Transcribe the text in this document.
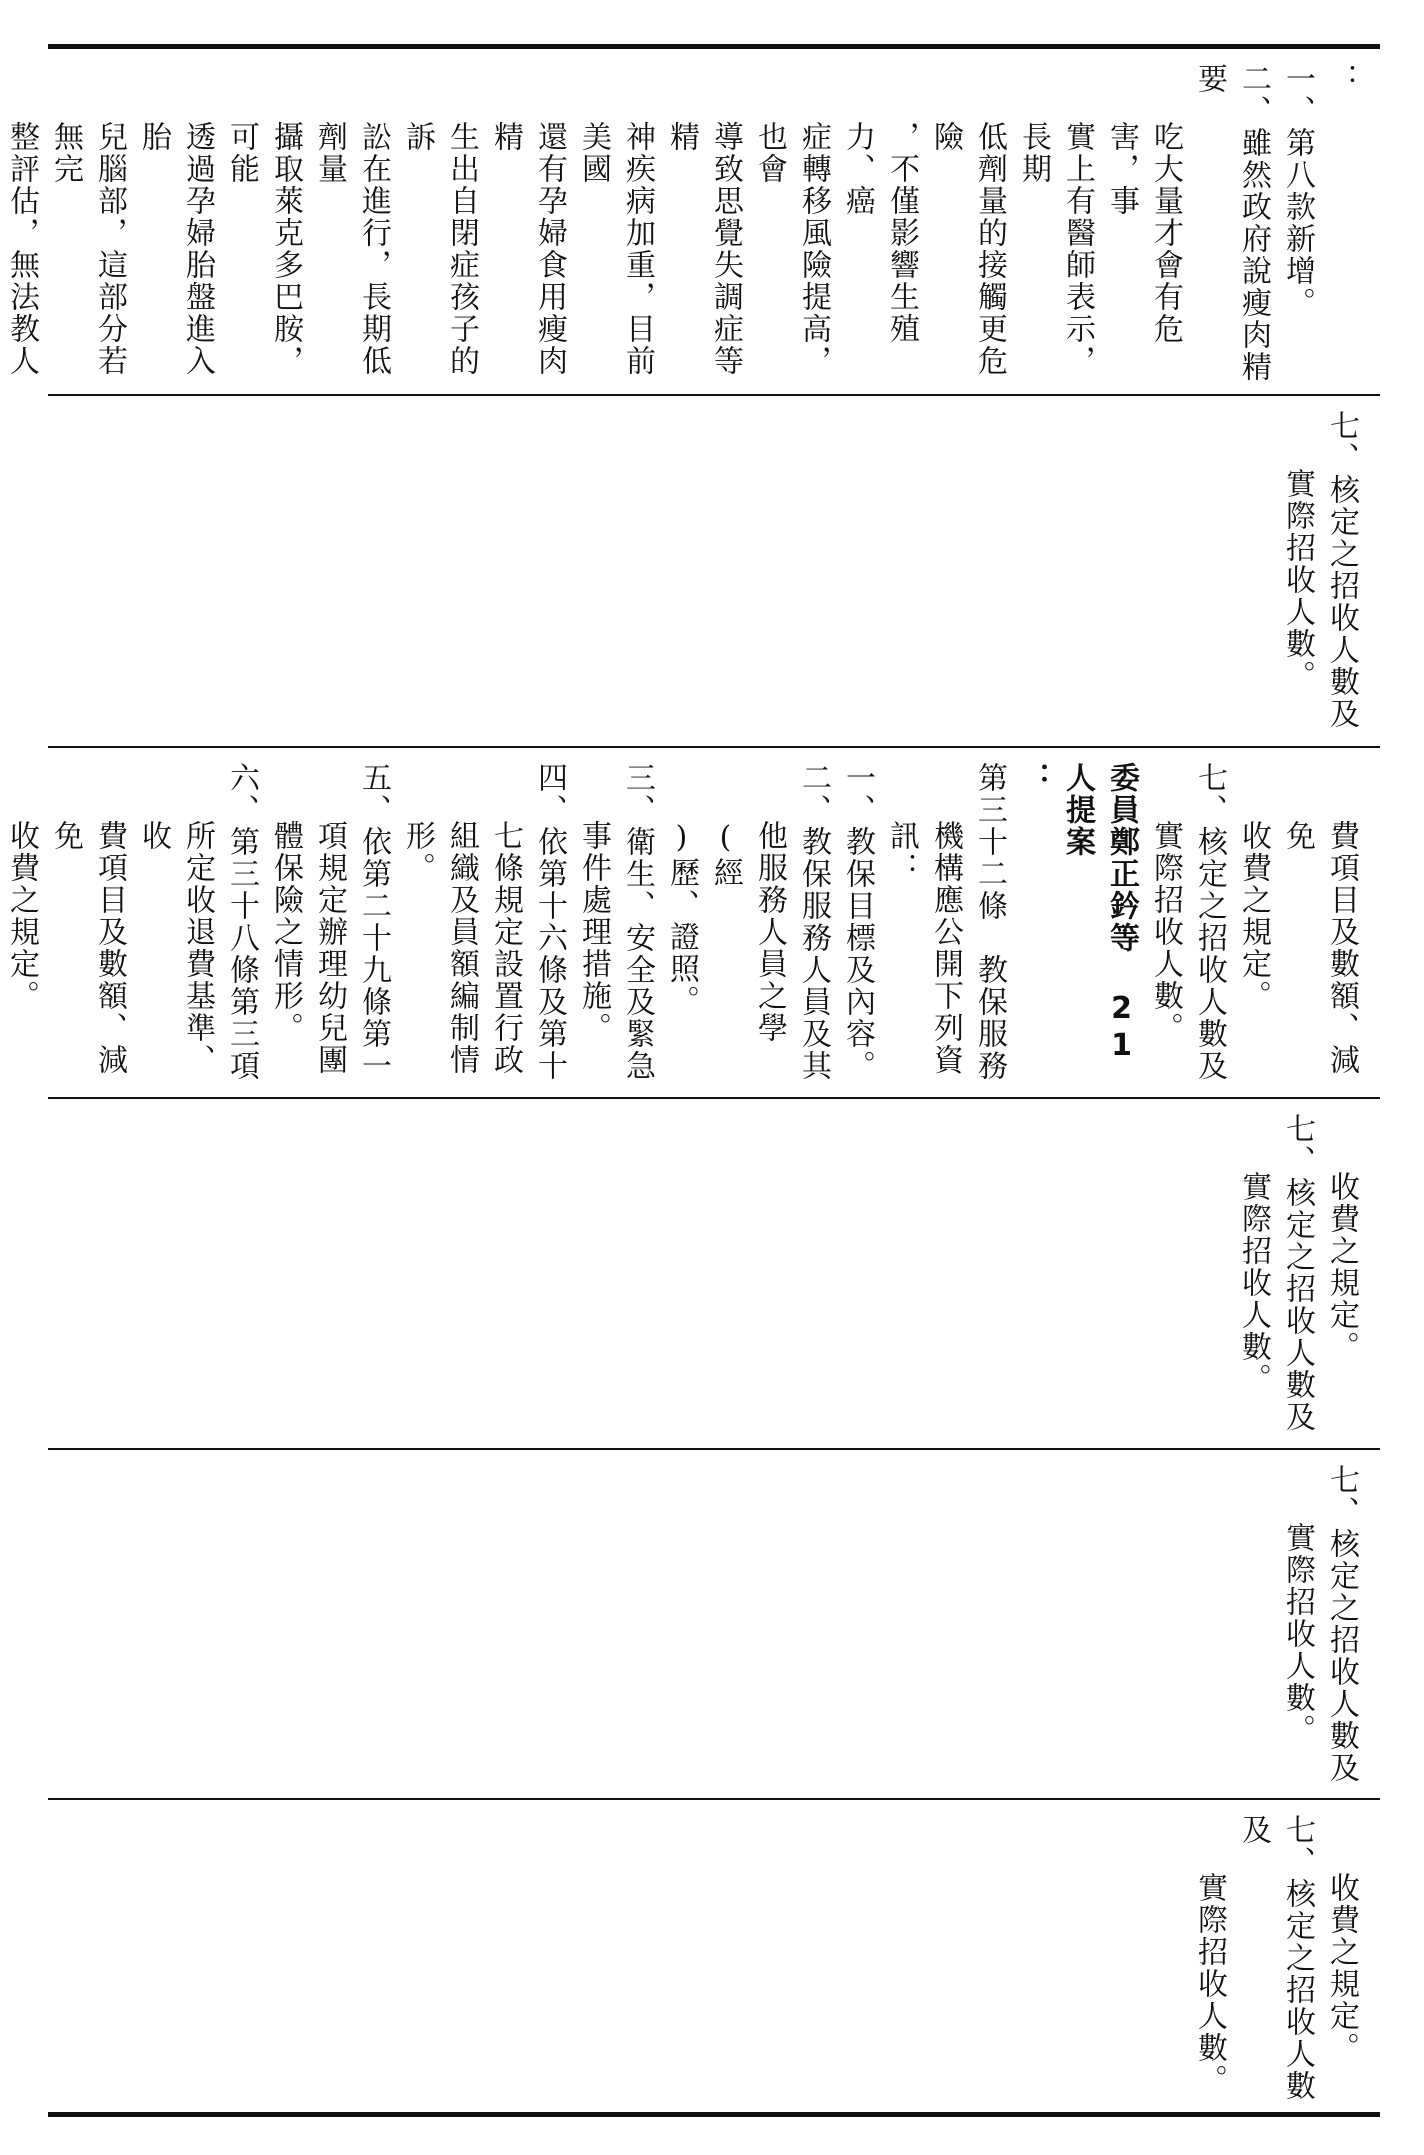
：
一、第八款新增。
二、雖然政府說瘦肉精要
吃大量才會有危害，事
實上有醫師表示，長期
低劑量的接觸更危險
，不僅影響生殖力、癌
症轉移風險提高，也會
導致思覺失調症等精
神疾病加重，目前美國
還有孕婦食用瘦肉精
生出自閉症孩子的訴
訟在進行，長期低劑量
攝取萊克多巴胺，可能
透過孕婦胎盤進入胎
兒腦部，這部分若無完
整評估，無法教人
七、核定之招收人數及
實際招收人數。
費項目及數額、減免
收費之規定。
七、核定之招收人數及
實際招收人數。
委員鄭正鈐等 21 人提案
：
第三十二條　教保服務
機構應公開下列資訊：
一、教保目標及內容。
二、教保服務人員及其
他服務人員之學(經
)歷、證照。
三、衛生、安全及緊急
事件處理措施。
四、依第十六條及第十
七條規定設置行政
組織及員額編制情
形。
五、依第二十九條第一
項規定辦理幼兒團
體保險之情形。
六、第三十八條第三項
所定收退費基準、收
費項目及數額、減免
收費之規定。
收費之規定。
七、核定之招收人數及
實際招收人數。
七、核定之招收人數及
實際招收人數。
收費之規定。
七、核定之招收人數及
實際招收人數。
